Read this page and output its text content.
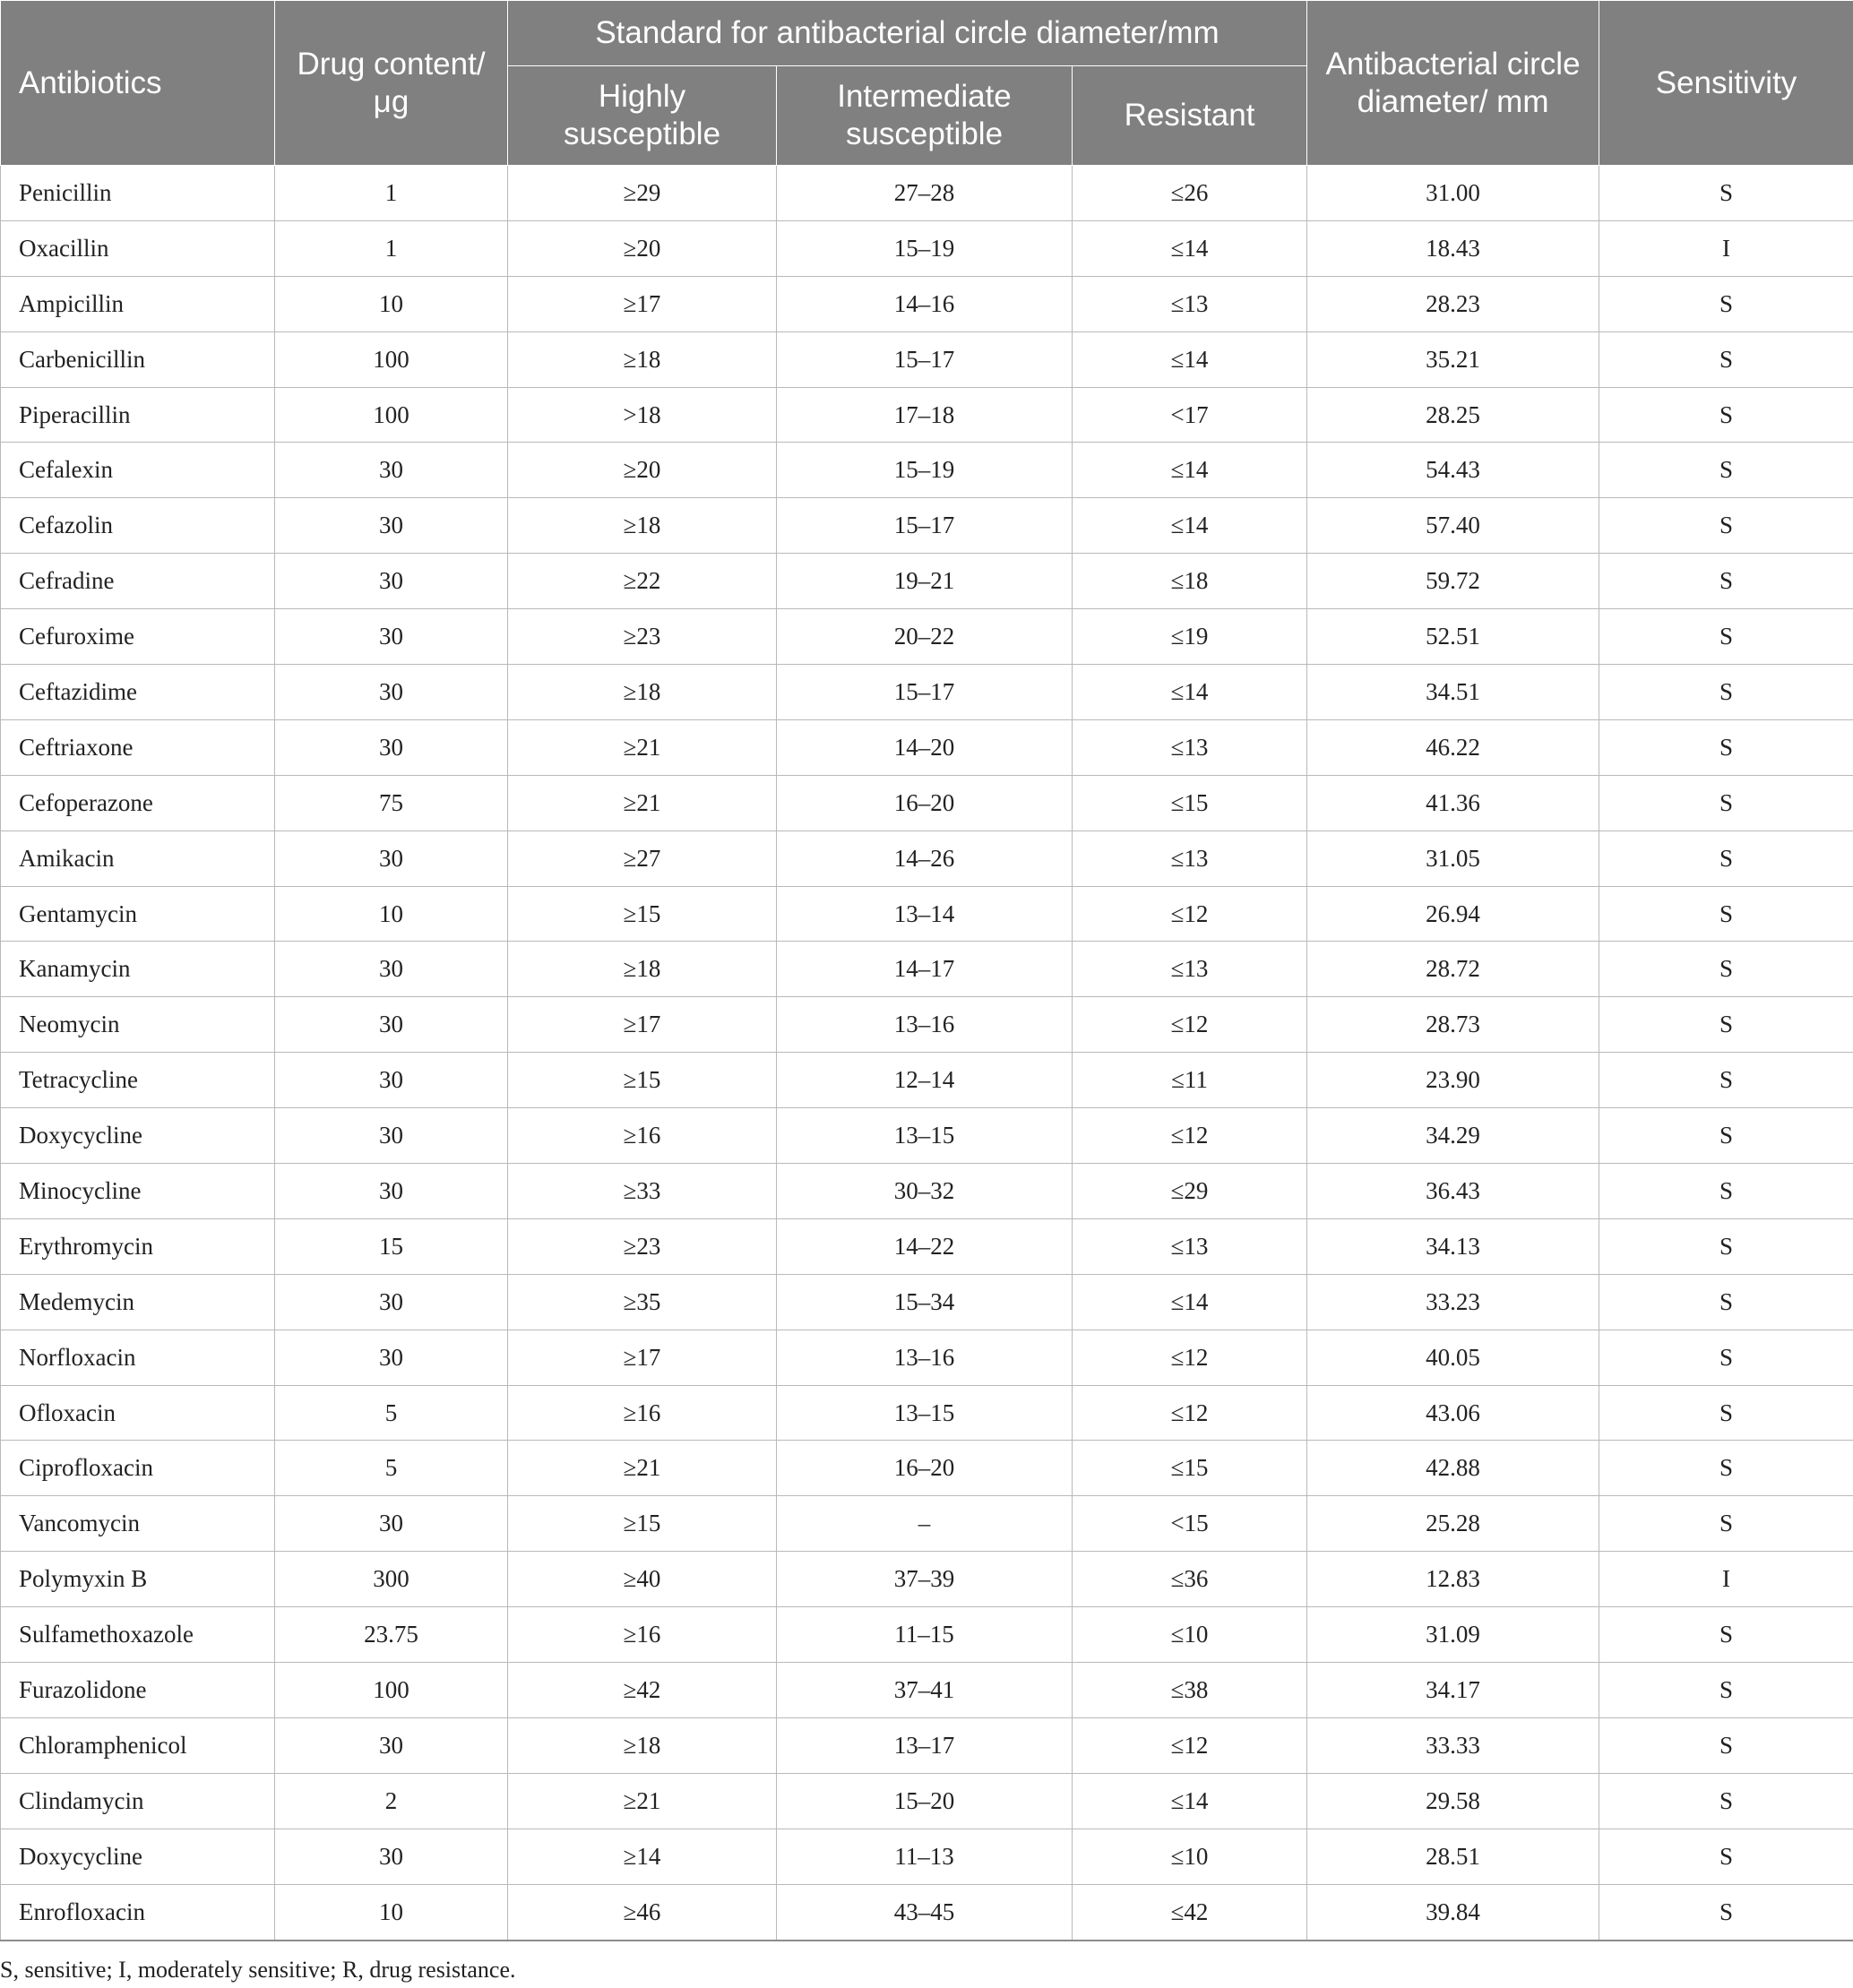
Antibiotics	Drug content/μg	Standard for antibacterial circle diameter/mm			Antibacterial circle diameter/ mm	Sensitivity
		Highly susceptible	Intermediate susceptible	Resistant		
Penicillin	1	≥29	27–28	≤26	31.00	S
Oxacillin	1	≥20	15–19	≤14	18.43	I
Ampicillin	10	≥17	14–16	≤13	28.23	S
Carbenicillin	100	≥18	15–17	≤14	35.21	S
Piperacillin	100	>18	17–18	<17	28.25	S
Cefalexin	30	≥20	15–19	≤14	54.43	S
Cefazolin	30	≥18	15–17	≤14	57.40	S
Cefradine	30	≥22	19–21	≤18	59.72	S
Cefuroxime	30	≥23	20–22	≤19	52.51	S
Ceftazidime	30	≥18	15–17	≤14	34.51	S
Ceftriaxone	30	≥21	14–20	≤13	46.22	S
Cefoperazone	75	≥21	16–20	≤15	41.36	S
Amikacin	30	≥27	14–26	≤13	31.05	S
Gentamycin	10	≥15	13–14	≤12	26.94	S
Kanamycin	30	≥18	14–17	≤13	28.72	S
Neomycin	30	≥17	13–16	≤12	28.73	S
Tetracycline	30	≥15	12–14	≤11	23.90	S
Doxycycline	30	≥16	13–15	≤12	34.29	S
Minocycline	30	≥33	30–32	≤29	36.43	S
Erythromycin	15	≥23	14–22	≤13	34.13	S
Medemycin	30	≥35	15–34	≤14	33.23	S
Norfloxacin	30	≥17	13–16	≤12	40.05	S
Ofloxacin	5	≥16	13–15	≤12	43.06	S
Ciprofloxacin	5	≥21	16–20	≤15	42.88	S
Vancomycin	30	≥15	–	<15	25.28	S
Polymyxin B	300	≥40	37–39	≤36	12.83	I
Sulfamethoxazole	23.75	≥16	11–15	≤10	31.09	S
Furazolidone	100	≥42	37–41	≤38	34.17	S
Chloramphenicol	30	≥18	13–17	≤12	33.33	S
Clindamycin	2	≥21	15–20	≤14	29.58	S
Doxycycline	30	≥14	11–13	≤10	28.51	S
Enrofloxacin	10	≥46	43–45	≤42	39.84	S
S, sensitive; I, moderately sensitive; R, drug resistance.
